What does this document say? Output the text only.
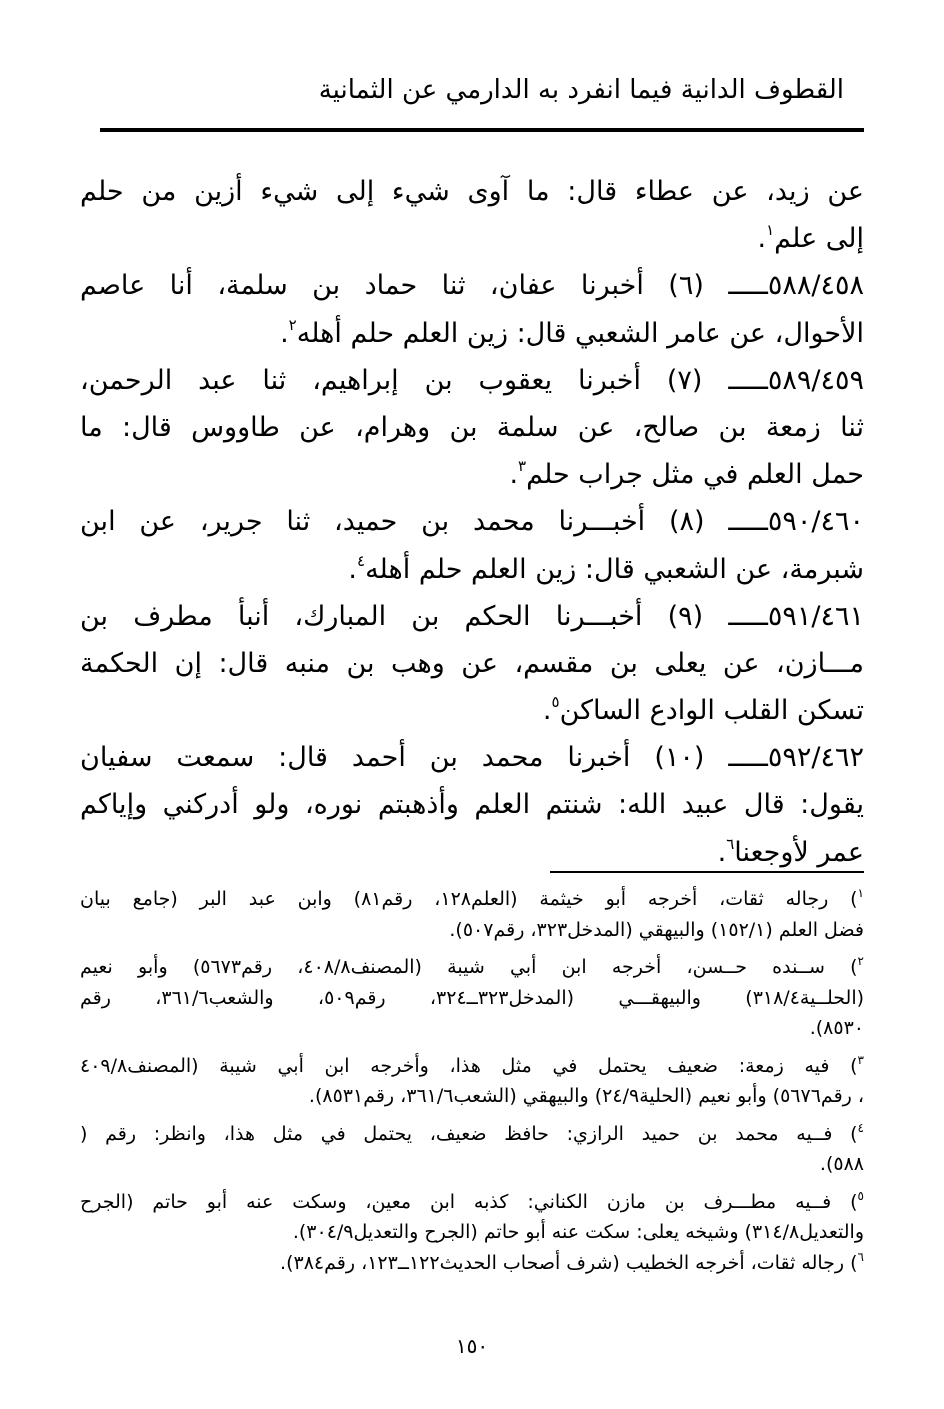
القطوف الدانية فيما انفرد به الدارمي عن الثمانية
عن زيد، عن عطاء قال: ما آوى شيء إلى شيء أزين من حلم
إلى علم$^١$.
٥٨٨/٤٥٨ـــــ (٦) أخبرنا عفان، ثنا حماد بن سلمة، أنا عاصم
الأحوال، عن عامر الشعبي قال: زين العلم حلم أهله$^٢$.
٥٨٩/٤٥٩ـــــ (٧) أخبرنا يعقوب بن إبراهيم، ثنا عبد الرحمن،
ثنا زمعة بن صالح، عن سلمة بن وهرام، عن طاووس قال: ما
حمل العلم في مثل جراب حلم$^٣$.
٥٩٠/٤٦٠ـــــ (٨) أخبـــرنا محمد بن حميد، ثنا جرير، عن ابن
شبرمة، عن الشعبي قال: زين العلم حلم أهله$^٤$.
٥٩١/٤٦١ـــــ (٩) أخبـــرنا الحكم بن المبارك، أنبأ مطرف بن
مـــازن، عن يعلى بن مقسم، عن وهب بن منبه قال: إن الحكمة
تسكن القلب الوادع الساكن$^٥$.
٥٩٢/٤٦٢ـــــ (١٠) أخبرنا محمد بن أحمد قال: سمعت سفيان
يقول: قال عبيد الله: شنتم العلم وأذهبتم نوره، ولو أدركني وإياكم
عمر لأوجعنا$^٦$.
$^١$) رجاله ثقات، أخرجه أبو خيثمة (العلم١٢٨، رقم٨١) وابن عبد البر (جامع بيان
فضل العلم (١٥٢/١) والبيهقي (المدخل٣٢٣، رقم٥٠٧).
$^٢$) ســنده حــسن، أخرجه ابن أبي شيبة (المصنف٤٠٨/٨، رقم٥٦٧٣) وأبو نعيم
(الحلــية٣١٨/٤) والبيهقـــي (المدخل٣٢٣ــ٣٢٤، رقم٥٠٩، والشعب٣٦١/٦، رقم
٨٥٣٠).
$^٣$) فيه زمعة: ضعيف يحتمل في مثل هذا، وأخرجه ابن أبي شيبة (المصنف٤٠٩/٨
، رقم٥٦٧٦) وأبو نعيم (الحلية٢٤/٩) والبيهقي (الشعب٣٦١/٦، رقم٨٥٣١).
$^٤$) فــيه محمد بن حميد الرازي: حافظ ضعيف، يحتمل في مثل هذا، وانظر: رقم (
٥٨٨).
$^٥$) فــيه مطـــرف بن مازن الكناني: كذبه ابن معين، وسكت عنه أبو حاتم (الجرح
والتعديل٣١٤/٨) وشيخه يعلى: سكت عنه أبو حاتم (الجرح والتعديل٣٠٤/٩).
$^٦$) رجاله ثقات، أخرجه الخطيب (شرف أصحاب الحديث١٢٢ــ١٢٣، رقم٣٨٤).
١٥٠
